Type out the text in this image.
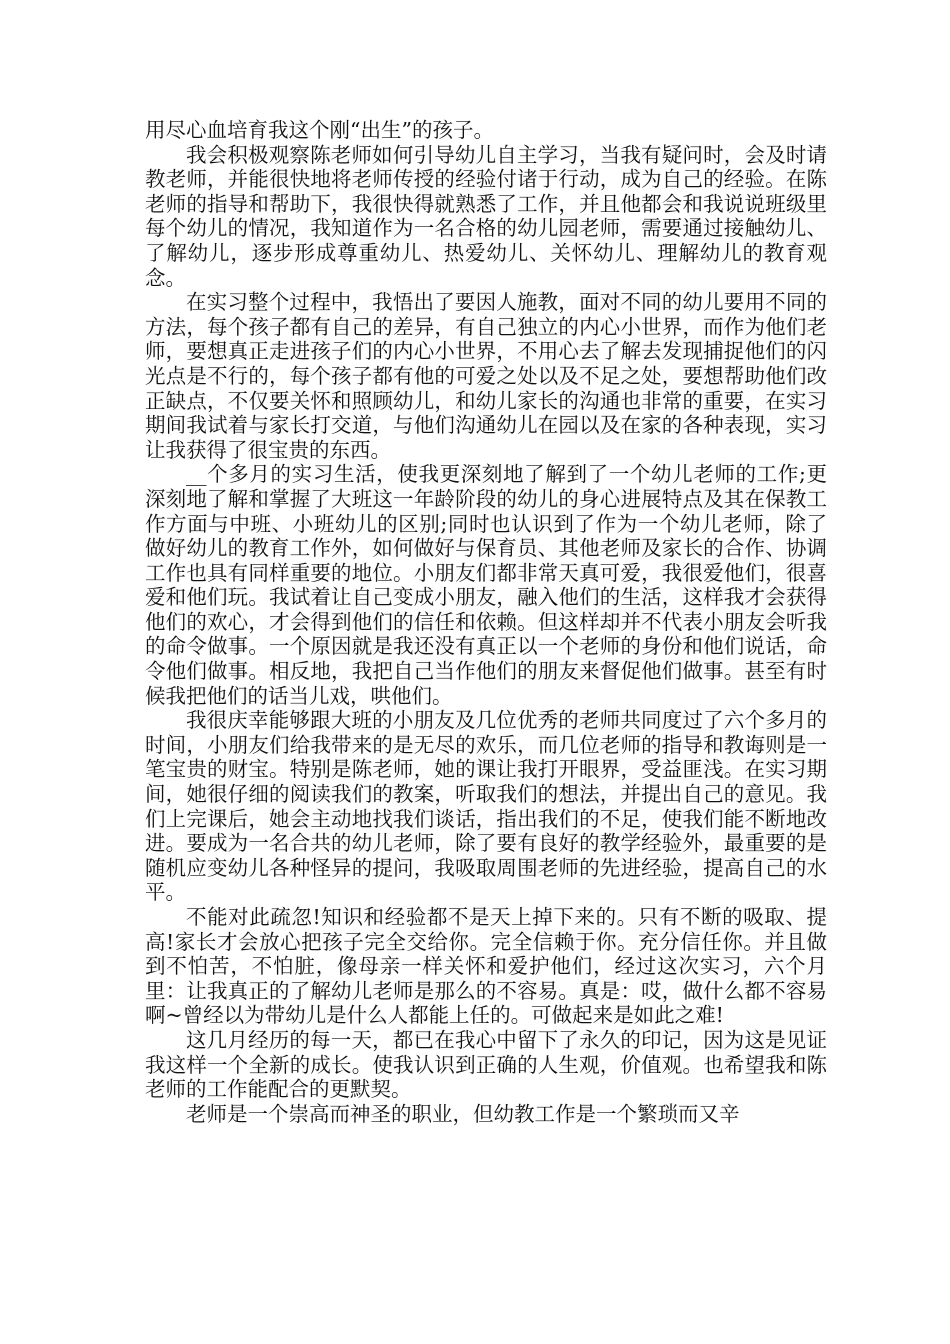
用尽心血培育我这个刚“出生”的孩子。

我会积极观察陈老师如何引导幼儿自主学习，当我有疑问时，会及时请教老师，并能很快地将老师传授的经验付诸于行动，成为自己的经验。在陈老师的指导和帮助下，我很快得就熟悉了工作，并且他都会和我说说班级里每个幼儿的情况，我知道作为一名合格的幼儿园老师，需要通过接触幼儿、了解幼儿，逐步形成尊重幼儿、热爱幼儿、关怀幼儿、理解幼儿的教育观念。

在实习整个过程中，我悟出了要因人施教，面对不同的幼儿要用不同的方法，每个孩子都有自己的差异，有自己独立的内心小世界，而作为他们老师，要想真正走进孩子们的内心小世界，不用心去了解去发现捕捉他们的闪光点是不行的，每个孩子都有他的可爱之处以及不足之处，要想帮助他们改正缺点，不仅要关怀和照顾幼儿，和幼儿家长的沟通也非常的重要，在实习期间我试着与家长打交道，与他们沟通幼儿在园以及在家的各种表现，实习让我获得了很宝贵的东西。

__个多月的实习生活，使我更深刻地了解到了一个幼儿老师的工作;更深刻地了解和掌握了大班这一年龄阶段的幼儿的身心进展特点及其在保教工作方面与中班、小班幼儿的区别;同时也认识到了作为一个幼儿老师，除了做好幼儿的教育工作外，如何做好与保育员、其他老师及家长的合作、协调工作也具有同样重要的地位。小朋友们都非常天真可爱，我很爱他们，很喜爱和他们玩。我试着让自己变成小朋友，融入他们的生活，这样我才会获得他们的欢心，才会得到他们的信任和依赖。但这样却并不代表小朋友会听我的命令做事。一个原因就是我还没有真正以一个老师的身份和他们说话，命令他们做事。相反地，我把自己当作他们的朋友来督促他们做事。甚至有时候我把他们的话当儿戏，哄他们。

我很庆幸能够跟大班的小朋友及几位优秀的老师共同度过了六个多月的时间，小朋友们给我带来的是无尽的欢乐，而几位老师的指导和教诲则是一笔宝贵的财宝。特别是陈老师，她的课让我打开眼界，受益匪浅。在实习期间，她很仔细的阅读我们的教案，听取我们的想法，并提出自己的意见。我们上完课后，她会主动地找我们谈话，指出我们的不足，使我们能不断地改进。要成为一名合共的幼儿老师，除了要有良好的教学经验外，最重要的是随机应变幼儿各种怪异的提问，我吸取周围老师的先进经验，提高自己的水平。

不能对此疏忽!知识和经验都不是天上掉下来的。只有不断的吸取、提高!家长才会放心把孩子完全交给你。完全信赖于你。充分信任你。并且做到不怕苦，不怕脏，像母亲一样关怀和爱护他们，经过这次实习，六个月里：让我真正的了解幼儿老师是那么的不容易。真是：哎，做什么都不容易啊~曾经以为带幼儿是什么人都能上任的。可做起来是如此之难!

这几月经历的每一天，都已在我心中留下了永久的印记，因为这是见证我这样一个全新的成长。使我认识到正确的人生观，价值观。也希望我和陈老师的工作能配合的更默契。

老师是一个崇高而神圣的职业，但幼教工作是一个繁琐而又辛
